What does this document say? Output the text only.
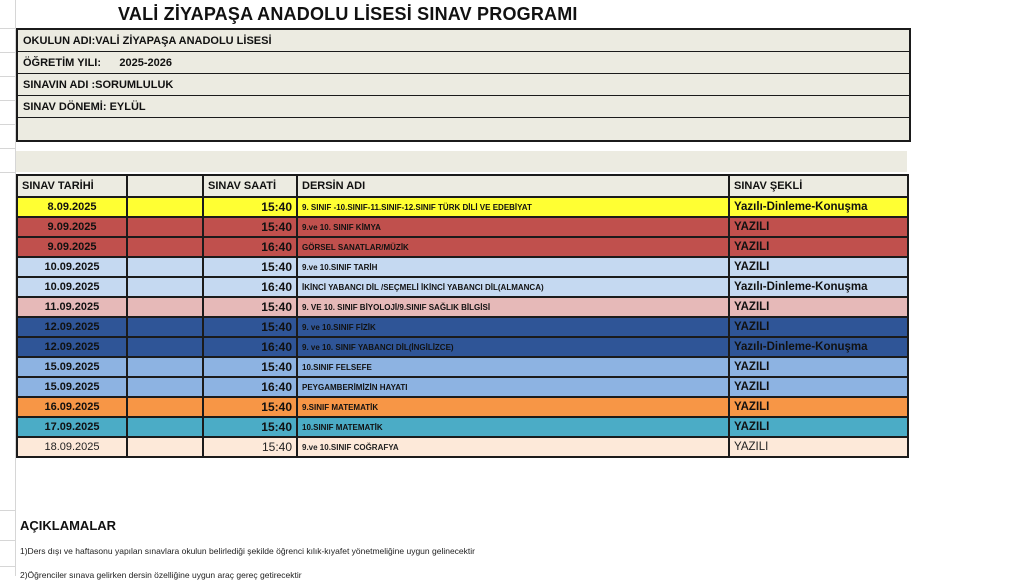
VALİ ZİYAPAŞA ANADOLU LİSESİ SINAV PROGRAMI
OKULUN ADI:VALİ ZİYAPAŞA ANADOLU LİSESİ
ÖĞRETİM YILI:      2025-2026
SINAVIN ADI :SORUMLULUK
SINAV DÖNEMİ: EYLÜL
SINAV TARİHİ		SINAV SAATİ	DERSİN ADI	SINAV ŞEKLİ
8.09.2025		15:40	9. SINIF -10.SINIF-11.SINIF-12.SINIF TÜRK DİLİ VE EDEBİYAT	Yazılı-Dinleme-Konuşma
9.09.2025		15:40	9.ve 10. SINIF KİMYA	YAZILI
9.09.2025		16:40	GÖRSEL SANATLAR/MÜZİK	YAZILI
10.09.2025		15:40	9.ve 10.SINIF TARİH	YAZILI
10.09.2025		16:40	İKİNCİ YABANCI DİL /SEÇMELİ İKİNCİ YABANCI DİL(ALMANCA)	Yazılı-Dinleme-Konuşma
11.09.2025		15:40	9. VE 10. SINIF BİYOLOJİ/9.SINIF SAĞLIK BİLGİSİ	YAZILI
12.09.2025		15:40	9. ve 10.SINIF FİZİK	YAZILI
12.09.2025		16:40	9. ve 10. SINIF YABANCI DİL(İNGİLİZCE)	Yazılı-Dinleme-Konuşma
15.09.2025		15:40	10.SINIF FELSEFE	YAZILI
15.09.2025		16:40	PEYGAMBERİMİZİN HAYATI	YAZILI
16.09.2025		15:40	9.SINIF MATEMATİK	YAZILI
17.09.2025		15:40	10.SINIF MATEMATİK	YAZILI
18.09.2025		15:40	9.ve 10.SINIF COĞRAFYA	YAZILI
AÇIKLAMALAR
1)Ders dışı ve haftasonu yapılan sınavlara okulun belirlediği şekilde öğrenci kılık-kıyafet yönetmeliğine uygun gelinecektir
2)Öğrenciler sınava gelirken dersin özelliğine uygun araç gereç getirecektir
